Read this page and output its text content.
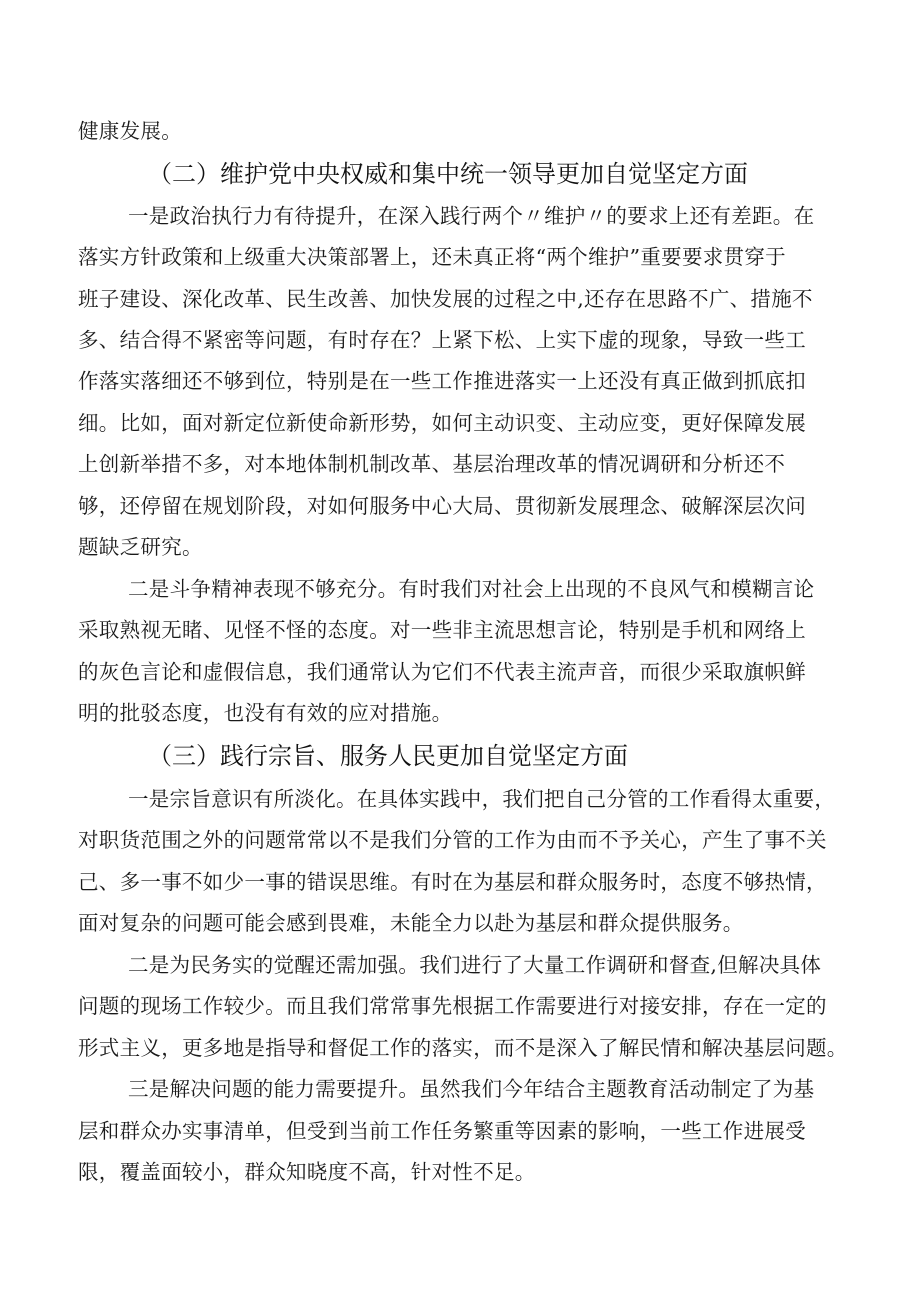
健康发展。
（二）维护党中央权威和集中统一领导更加自觉坚定方面
一是政治执行力有待提升，在深入践行两个〃维护〃的要求上还有差距。在
落实方针政策和上级重大决策部署上，还未真正将“两个维护”重要要求贯穿于
班子建设、深化改革、民生改善、加快发展的过程之中,还存在思路不广、措施不
多、结合得不紧密等问题，有时存在？上紧下松、上实下虚的现象，导致一些工
作落实落细还不够到位，特别是在一些工作推进落实一上还没有真正做到抓底扣
细。比如，面对新定位新使命新形势，如何主动识变、主动应变，更好保障发展
上创新举措不多，对本地体制机制改革、基层治理改革的情况调研和分析还不
够，还停留在规划阶段，对如何服务中心大局、贯彻新发展理念、破解深层次问
题缺乏研究。
二是斗争精神表现不够充分。有时我们对社会上出现的不良风气和模糊言论
采取熟视无睹、见怪不怪的态度。对一些非主流思想言论，特别是手机和网络上
的灰色言论和虚假信息，我们通常认为它们不代表主流声音，而很少采取旗帜鲜
明的批驳态度，也没有有效的应对措施。
（三）践行宗旨、服务人民更加自觉坚定方面
一是宗旨意识有所淡化。在具体实践中，我们把自己分管的工作看得太重要，
对职货范围之外的问题常常以不是我们分管的工作为由而不予关心，产生了事不关
己、多一事不如少一事的错误思维。有时在为基层和群众服务时，态度不够热情，
面对复杂的问题可能会感到畏难，未能全力以赴为基层和群众提供服务。
二是为民务实的觉醒还需加强。我们进行了大量工作调研和督查,但解决具体
问题的现场工作较少。而且我们常常事先根据工作需要进行对接安排，存在一定的
形式主义，更多地是指导和督促工作的落实，而不是深入了解民情和解决基层问题。
三是解决问题的能力需要提升。虽然我们今年结合主题教育活动制定了为基
层和群众办实事清单，但受到当前工作任务繁重等因素的影响，一些工作进展受
限，覆盖面较小，群众知晓度不高，针对性不足。
